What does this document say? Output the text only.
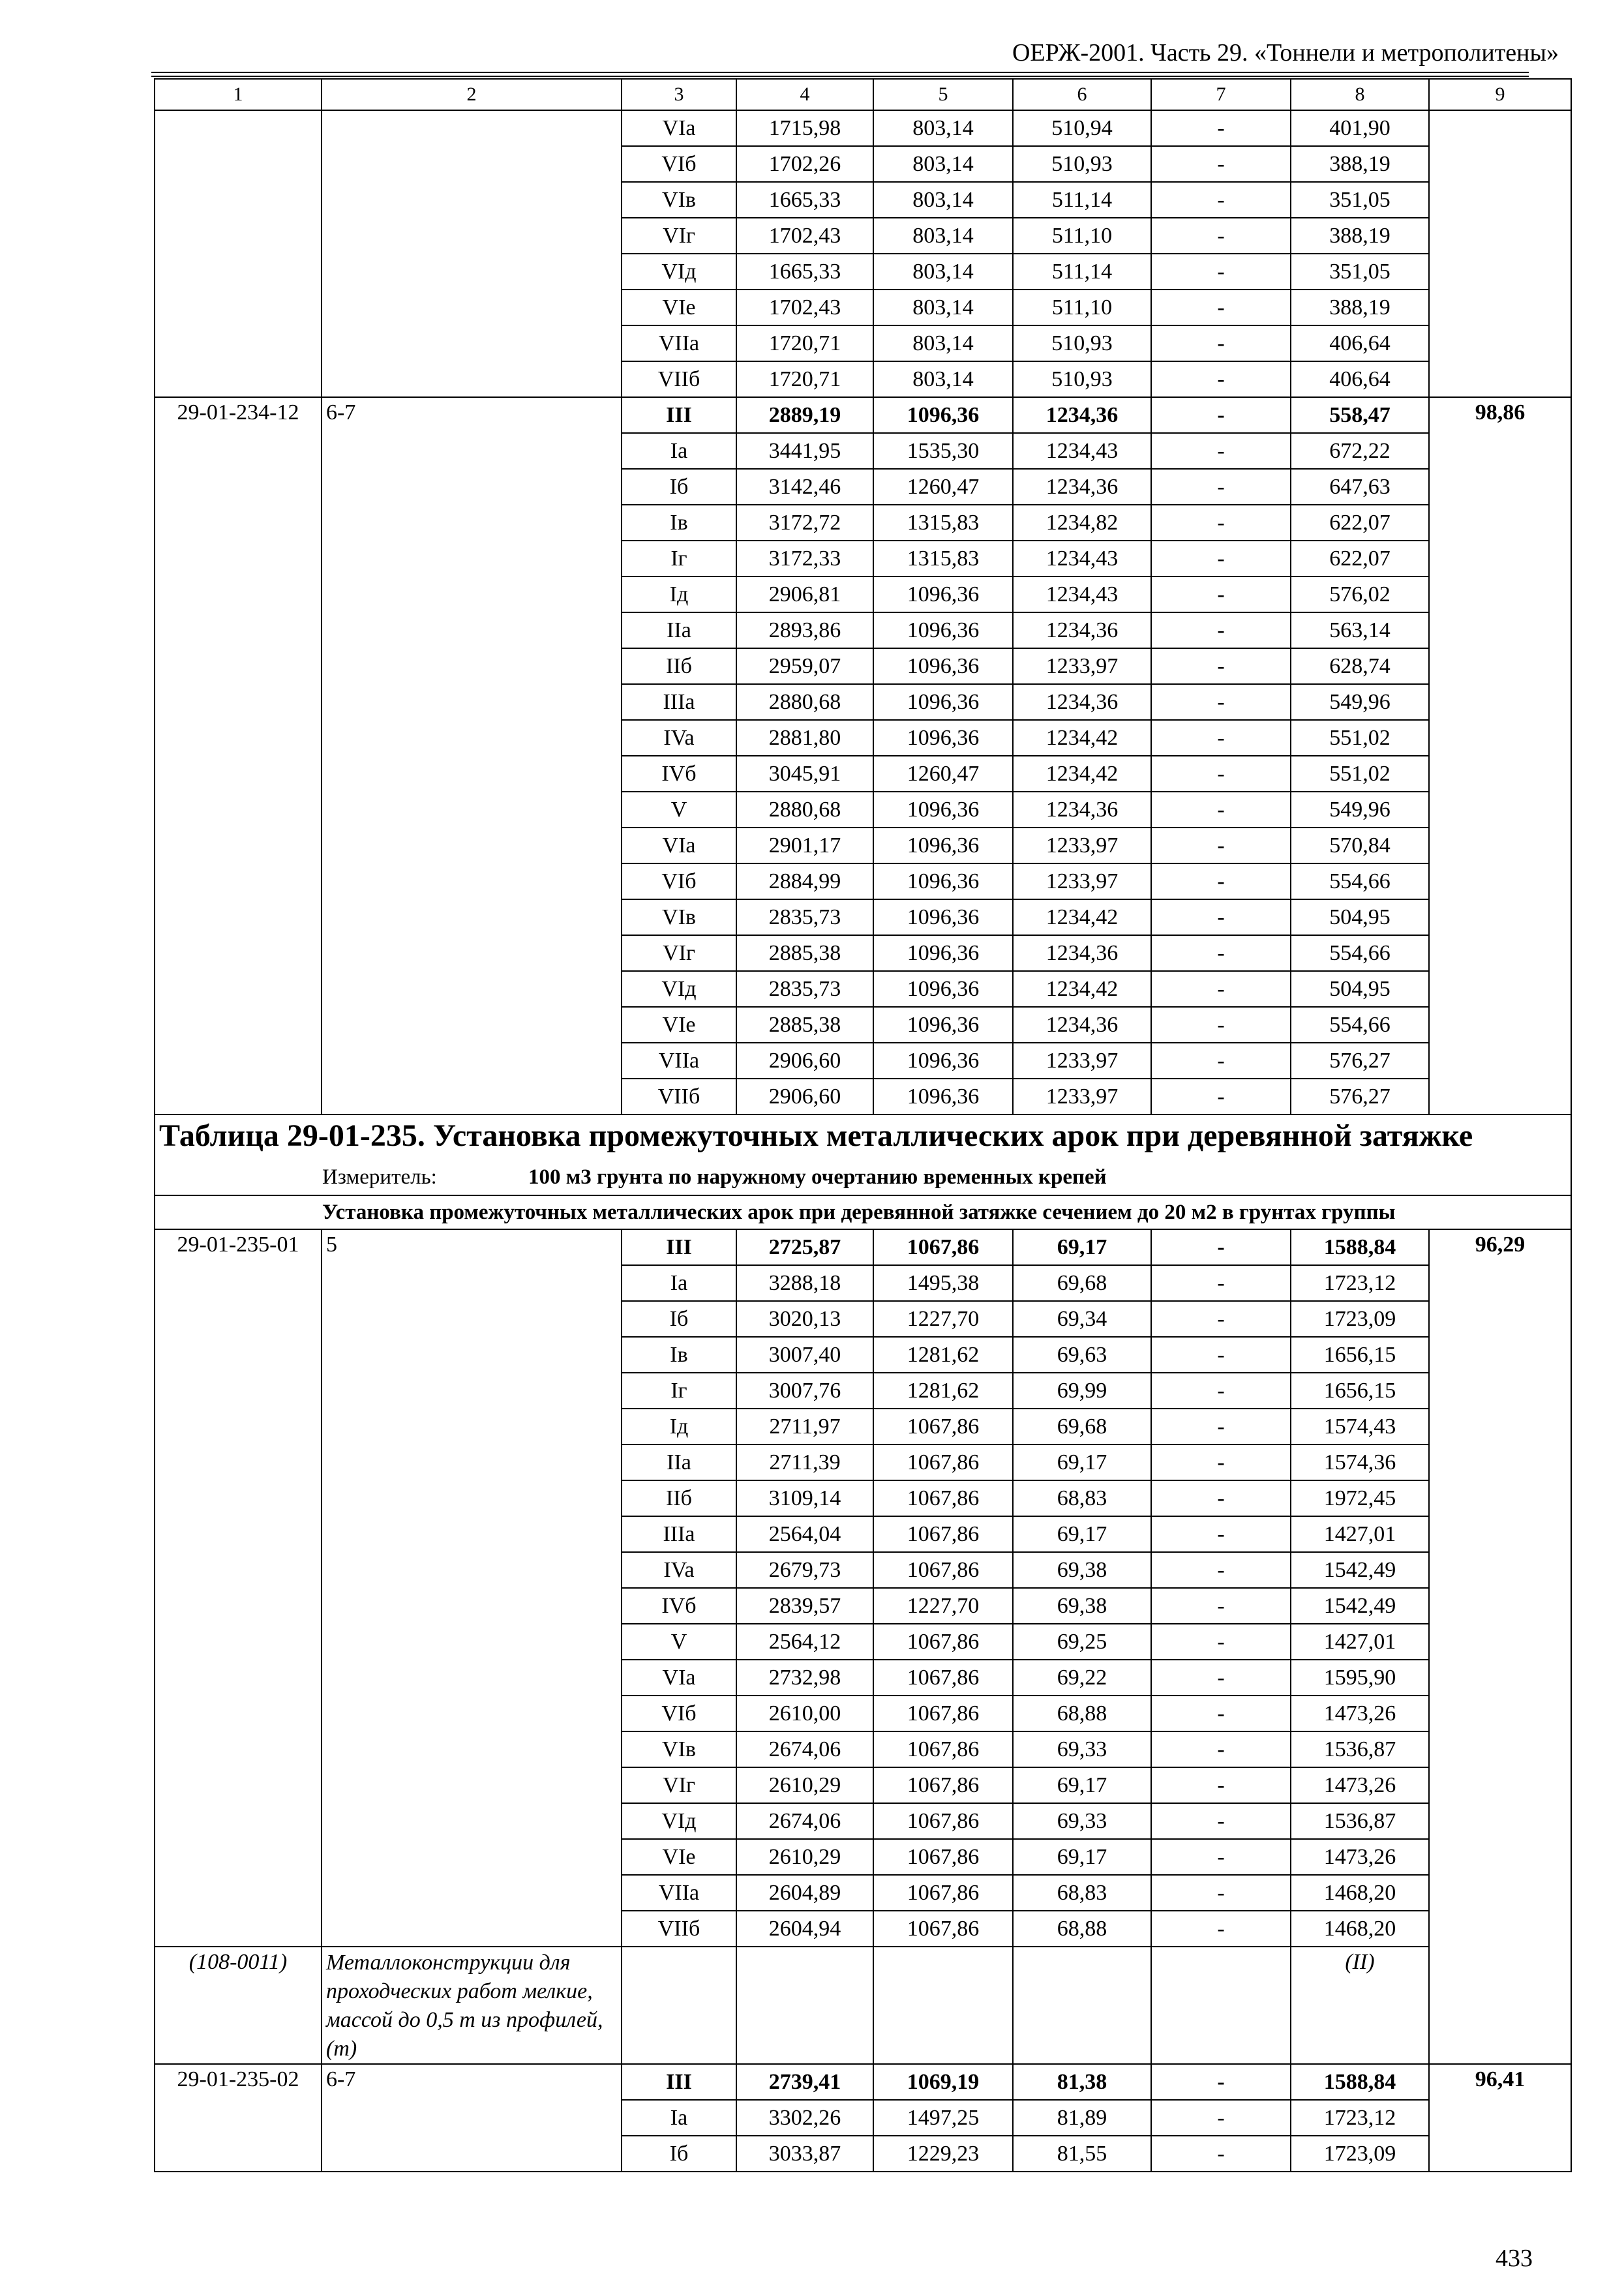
ОЕРЖ-2001. Часть 29. «Тоннели и метрополитены»
1	2	3	4	5	6	7	8	9
		VIa	1715,98	803,14	510,94	-	401,90	
		VIб	1702,26	803,14	510,93	-	388,19	
		VIв	1665,33	803,14	511,14	-	351,05	
		VIг	1702,43	803,14	511,10	-	388,19	
		VIд	1665,33	803,14	511,14	-	351,05	
		VIe	1702,43	803,14	511,10	-	388,19	
		VIIa	1720,71	803,14	510,93	-	406,64	
		VIIб	1720,71	803,14	510,93	-	406,64	
29-01-234-12	6-7	III	2889,19	1096,36	1234,36	-	558,47	98,86
		Ia	3441,95	1535,30	1234,43	-	672,22	
		Iб	3142,46	1260,47	1234,36	-	647,63	
		Iв	3172,72	1315,83	1234,82	-	622,07	
		Iг	3172,33	1315,83	1234,43	-	622,07	
		Iд	2906,81	1096,36	1234,43	-	576,02	
		IIa	2893,86	1096,36	1234,36	-	563,14	
		IIб	2959,07	1096,36	1233,97	-	628,74	
		IIIa	2880,68	1096,36	1234,36	-	549,96	
		IVa	2881,80	1096,36	1234,42	-	551,02	
		IVб	3045,91	1260,47	1234,42	-	551,02	
		V	2880,68	1096,36	1234,36	-	549,96	
		VIa	2901,17	1096,36	1233,97	-	570,84	
		VIб	2884,99	1096,36	1233,97	-	554,66	
		VIв	2835,73	1096,36	1234,42	-	504,95	
		VIг	2885,38	1096,36	1234,36	-	554,66	
		VIд	2835,73	1096,36	1234,42	-	504,95	
		VIe	2885,38	1096,36	1234,36	-	554,66	
		VIIa	2906,60	1096,36	1233,97	-	576,27	
		VIIб	2906,60	1096,36	1233,97	-	576,27	

Таблица 29-01-235. Установка промежуточных металлических арок при деревянной затяжке
Измеритель: 100 м3 грунта по наружному очертанию временных крепей								

Установка промежуточных металлических арок при деревянной затяжке сечением до 20 м2 в грунтах группы								
29-01-235-01	5	III	2725,87	1067,86	69,17	-	1588,84	96,29
		Ia	3288,18	1495,38	69,68	-	1723,12	
		Iб	3020,13	1227,70	69,34	-	1723,09	
		Iв	3007,40	1281,62	69,63	-	1656,15	
		Iг	3007,76	1281,62	69,99	-	1656,15	
		Iд	2711,97	1067,86	69,68	-	1574,43	
		IIa	2711,39	1067,86	69,17	-	1574,36	
		IIб	3109,14	1067,86	68,83	-	1972,45	
		IIIa	2564,04	1067,86	69,17	-	1427,01	
		IVa	2679,73	1067,86	69,38	-	1542,49	
		IVб	2839,57	1227,70	69,38	-	1542,49	
		V	2564,12	1067,86	69,25	-	1427,01	
		VIa	2732,98	1067,86	69,22	-	1595,90	
		VIб	2610,00	1067,86	68,88	-	1473,26	
		VIв	2674,06	1067,86	69,33	-	1536,87	
		VIг	2610,29	1067,86	69,17	-	1473,26	
		VIд	2674,06	1067,86	69,33	-	1536,87	
		VIe	2610,29	1067,86	69,17	-	1473,26	
		VIIa	2604,89	1067,86	68,83	-	1468,20	
		VIIб	2604,94	1067,86	68,88	-	1468,20	
(108-0011)	Металлоконструкции для проходческих работ мелкие, массой до 0,5 т из профилей, (т)						(II)	
29-01-235-02	6-7	III	2739,41	1069,19	81,38	-	1588,84	96,41
		Ia	3302,26	1497,25	81,89	-	1723,12	
		Iб	3033,87	1229,23	81,55	-	1723,09	
433
